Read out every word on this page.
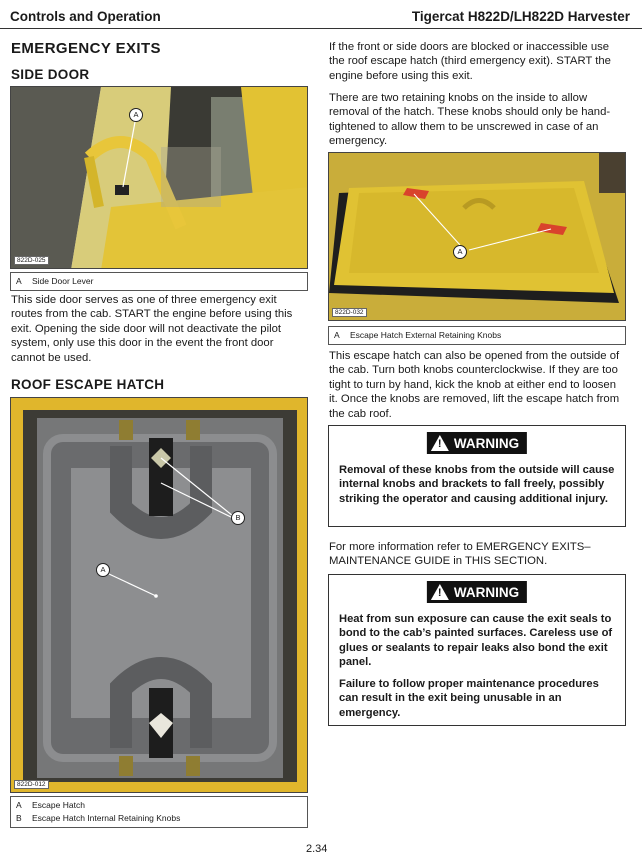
Controls and Operation	Tigercat H822D/LH822D Harvester
EMERGENCY EXITS
SIDE DOOR
A
822D-025
A Side Door Lever
This side door serves as one of three emergency exit routes from the cab. START the engine before using this exit. Opening the side door will not deactivate the pilot system, only use this door in the event the front door cannot be used.
ROOF ESCAPE HATCH
A
B
822D-012
A Escape Hatch
B Escape Hatch Internal Retaining Knobs
If the front or side doors are blocked or inaccessible use the roof escape hatch (third emergency exit). START the engine before using this exit.
There are two retaining knobs on the inside to allow removal of the hatch. These knobs should only be hand-tightened to allow them to be unscrewed in case of an emergency.
A
822D-032
A Escape Hatch External Retaining Knobs
This escape hatch can also be opened from the outside of the cab. Turn both knobs counterclockwise. If they are too tight to turn by hand, kick the knob at either end to loosen it. Once the knobs are removed, lift the escape hatch from the cab roof.
! WARNING
Removal of these knobs from the outside will cause internal knobs and brackets to fall freely, possibly striking the operator and causing additional injury.
For more information refer to EMERGENCY EXITS–MAINTENANCE GUIDE in THIS SECTION.
! WARNING
Heat from sun exposure can cause the exit seals to bond to the cab’s painted surfaces. Careless use of glues or sealants to repair leaks also bond the exit panel.
Failure to follow proper maintenance procedures can result in the exit being unusable in an emergency.
2.34
